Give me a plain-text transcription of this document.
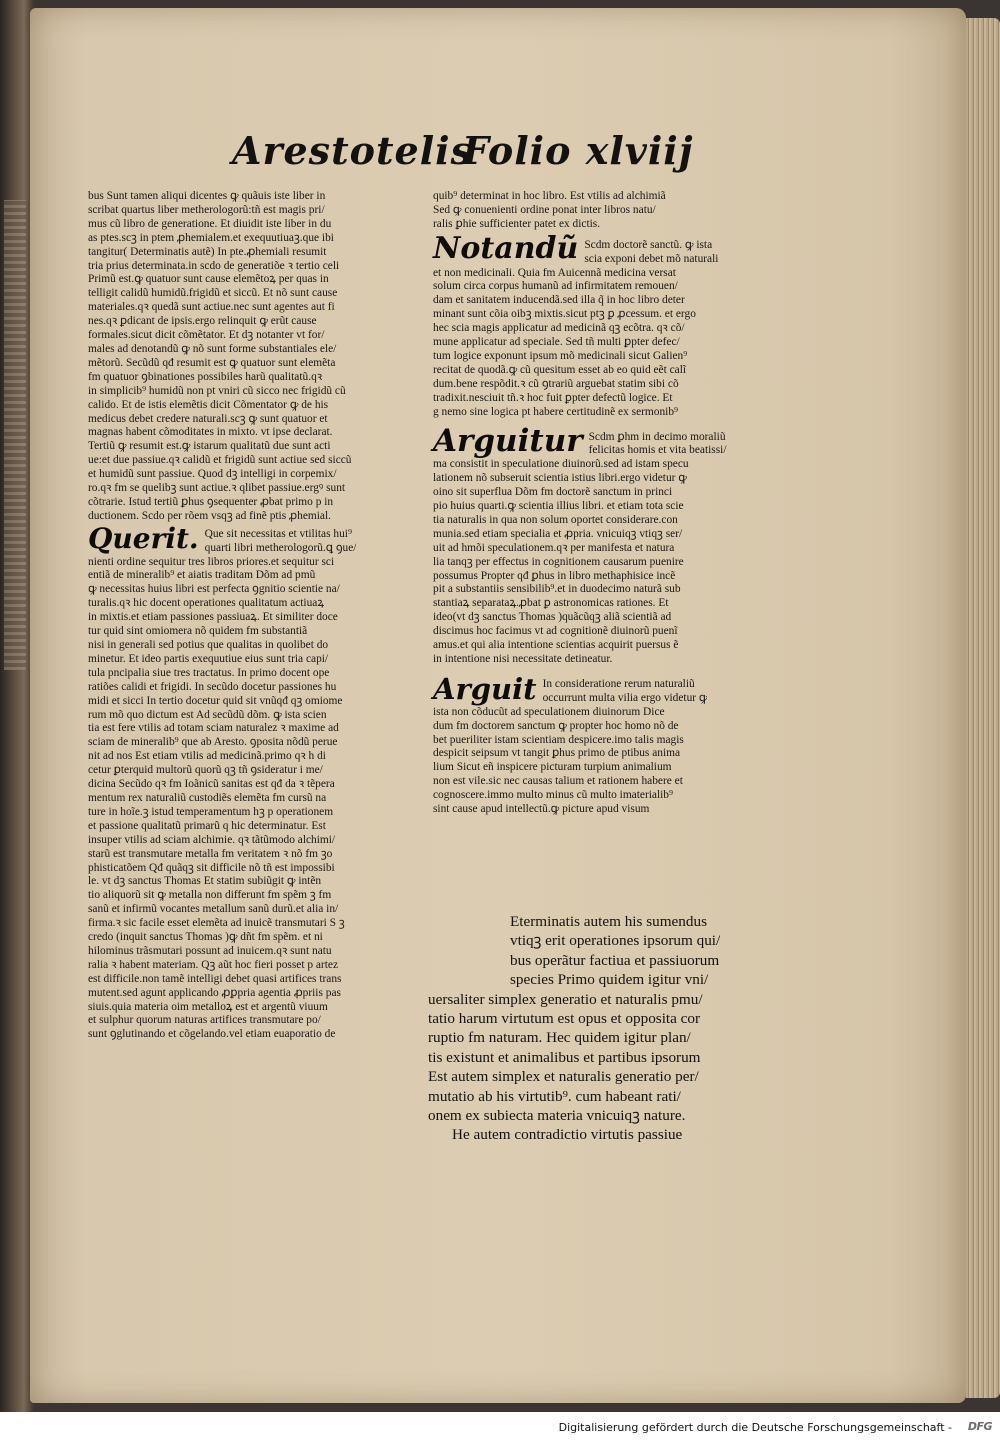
Arestotelis
Folio xlviij
bus Sunt tamen aliqui dicentes ꝙ quãuis iste liber in
scribat quartus liber metherologorũ:tñ est magis pri/
mus cũ libro de generatione. Et diuidit iste liber in du
as ptes.scꝫ in ptem ꝓhemialem.et exequutiuaꝫ.que ibi
tangitur( Determinatis autẽ) In pte.ꝓhemiali resumit
tria prius determinata.in scdo de generatiõe ꝛ tertio celi
Primũ est.ꝙ quatuor sunt cause elemẽtoꝝ per quas in
telligit calidũ humidũ.frigidũ et siccũ. Et nõ sunt cause
materiales.qꝛ quedã sunt actiue.nec sunt agentes aut fi
nes.qꝛ ꝑdicant de ipsis.ergo relinquit ꝙ erũt cause
formales.sicut dicit cõmẽtator. Et dꝫ notanter vt for/
males ad denotandũ ꝙ nõ sunt forme substantiales ele/
mẽtorũ. Secũdũ qđ resumit est ꝙ quatuor sunt elemẽta
fm quatuor ꝯbinationes possibiles harũ qualitatũ.qꝛ
in simplicib⁹ humidũ non pt vniri cũ sicco nec frigidũ cũ
calido. Et de istis elemẽtis dicit Cõmentator ꝙ de his
medicus debet credere naturali.scꝫ ꝙ sunt quatuor et
magnas habent cõmoditates in mixto. vt ipse declarat.
Tertiũ ꝙ resumit est.ꝙ istarum qualitatũ due sunt acti
ue:et due passiue.qꝛ calidũ et frigidũ sunt actiue sed siccũ
et humidũ sunt passiue. Quod dꝫ intelligi in corpemix/
ro.qꝛ fm se quelibꝫ sunt actiue.ꝛ qlibet passiue.ergꝰ sunt
cõtrarie. Istud tertiũ ꝑhus ꝯsequenter ꝓbat primo p in
ductionem. Scdo per rõem vsqꝫ ad finẽ ptis ꝓhemial.
Querit. Que sit necessitas et vtilitas hui⁹
quarti libri metherologorũ.ꝗ ꝯue/
nienti ordine sequitur tres libros priores.et sequitur sci
entiã de mineralib⁹ et aiatis traditam Dõm ad pmũ
ꝙ necessitas huius libri est perfecta ꝯgnitio scientie na/
turalis.qꝛ hic docent operationes qualitatum actiuaꝝ
in mixtis.et etiam passiones passiuaꝝ. Et similiter doce
tur quid sint omiomera nõ quidem fm substantiã
nisi in generali sed potius que qualitas in quolibet do
minetur. Et ideo partis exequutiue eius sunt tria capi/
tula pncipalia siue tres tractatus. In primo docent ope
ratiões calidi et frigidi. In secũdo docetur passiones hu
midi et sicci In tertio docetur quid sit vnũqđ qꝫ omiome
rum mõ quo dictum est Ad secũdũ dõm. ꝙ ista scien
tia est fere vtilis ad totam sciam naturalez ꝛ maxime ad
sciam de mineralib⁹ que ab Aresto. ꝯposita nõdũ perue
nit ad nos Est etiam vtilis ad medicinã.primo qꝛ h di
cetur ꝑterquid multorũ quorũ qꝫ tñ ꝯsideratur i me/
dicina Secũdo qꝛ fm Ioãnicũ sanitas est qđ da ꝛ tẽpera
mentum rex naturaliũ custodiẽs elemẽta fm cursũ na
ture in hoĩe.ꝫ istud temperamentum hꝫ p operationem
et passione qualitatũ primarũ q hic determinatur. Est
insuper vtilis ad sciam alchimie. qꝛ tãtũmodo alchimi/
starũ est transmutare metalla fm veritatem ꝛ nõ fm ꝫo
phisticatõem Qđ quãqꝫ sit difficile nõ tñ est impossibi
le. vt dꝫ sanctus Thomas Et statim subiũgit ꝙ intẽn
tio aliquorũ sit ꝙ metalla non differunt fm spẽm ꝫ fm
sanũ et infirmũ vocantes metallum sanũ durũ.et alia in/
firma.ꝛ sic facile esset elemẽta ad inuicẽ transmutari S ꝫ
credo (inquit sanctus Thomas )ꝙ dñt fm spẽm. et ni
hilominus trãsmutari possunt ad inuicem.qꝛ sunt natu
ralia ꝛ habent materiam. Qꝫ aũt hoc fieri posset p artez
est difficile.non tamẽ intelligi debet quasi artifices trans
mutent.sed agunt applicando ꝓꝑpria agentia ꝓpriis pas
siuis.quia materia oim metalloꝝ est et argentũ viuum
et sulphur quorum naturas artifices transmutare po/
sunt ꝯglutinando et cõgelando.vel etiam euaporatio de
quib⁹ determinat in hoc libro. Est vtilis ad alchimiã
Sed ꝙ conuenienti ordine ponat inter libros natu/
ralis ꝑhie sufficienter patet ex dictis.
Notandũ Scdm doctorẽ sanctũ. ꝙ ista
scia exponi debet mõ naturali
et non medicinali. Quia fm Auicennã medicina versat
solum circa corpus humanũ ad infirmitatem remouen/
dam et sanitatem inducendã.sed illa q̃ in hoc libro deter
minant sunt cõia oibꝫ mixtis.sicut ptꝫ ꝑ ꝓcessum. et ergo
hec scia magis applicatur ad medicinã qꝫ ecõtra. qꝛ cõ/
mune applicatur ad speciale. Sed tñ multi ꝑpter defec/
tum logice exponunt ipsum mõ medicinali sicut Galien⁹
recitat de quodã.ꝙ cũ quesitum esset ab eo quid eẽt calĩ
dum.bene respõdit.ꝛ cũ ꝯtrariũ arguebat statim sibi cõ
tradixit.nesciuit tñ.ꝛ hoc fuit ꝑpter defectũ logice. Et
g nemo sine logica pt habere certitudinẽ ex sermonib⁹
Arguitur Scdm ꝑhm in decimo moraliũ
felicitas homis et vita beatissi/
ma consistit in speculatione diuinorũ.sed ad istam specu
lationem nõ subseruit scientia istius libri.ergo videtur ꝙ
oino sit superflua Dõm fm doctorẽ sanctum in princi
pio huius quarti.ꝙ scientia illius libri. et etiam tota scie
tia naturalis in qua non solum oportet considerare.con
munia.sed etiam specialia et ꝓpria. vnicuiqꝫ vtiqꝫ ser/
uit ad hmõi speculationem.qꝛ per manifesta et natura
lia tanqꝫ per effectus in cognitionem causarum puenire
possumus Propter qđ ꝑhus in libro methaphisice incẽ
pit a substantiis sensibilib⁹.et in duodecimo naturã sub
stantiaꝝ separataꝝ.ꝓbat ꝑ astronomicas rationes. Et
ideo(vt dꝫ sanctus Thomas )quãcũqꝫ aliã scientiã ad
discimus hoc facimus vt ad cognitionẽ diuinorũ puenĩ
amus.et qui alia intentione scientias acquirit puersus ẽ
in intentione nisi necessitate detineatur.
Arguit In consideratione rerum naturaliũ
occurrunt multa vilia ergo videtur ꝙ
ista non cõducũt ad speculationem diuinorum Dice
dum fm doctorem sanctum ꝙ propter hoc homo nõ de
bet pueriliter istam scientiam despicere.imo talis magis
despicit seipsum vt tangit ꝑhus primo de ptibus anima
lium Sicut eñ inspicere picturam turpium animalium
non est vile.sic nec causas talium et rationem habere et
cognoscere.immo multo minus cũ multo imaterialib⁹
sint cause apud intellectũ.ꝙ picture apud visum
Eterminatis autem his sumendus
vtiqꝫ erit operationes ipsorum qui/
bus operãtur factiua et passiuorum
species Primo quidem igitur vni/
uersaliter simplex generatio et naturalis pmu/
tatio harum virtutum est opus et opposita cor
ruptio fm naturam. Hec quidem igitur plan/
tis existunt et animalibus et partibus ipsorum
Est autem simplex et naturalis generatio per/
mutatio ab his virtutib⁹. cum habeant rati/
onem ex subiecta materia vnicuiqꝫ nature.
He autem contradictio virtutis passiue
Digitalisierung gefördert durch die Deutsche Forschungsgemeinschaft - DFG
